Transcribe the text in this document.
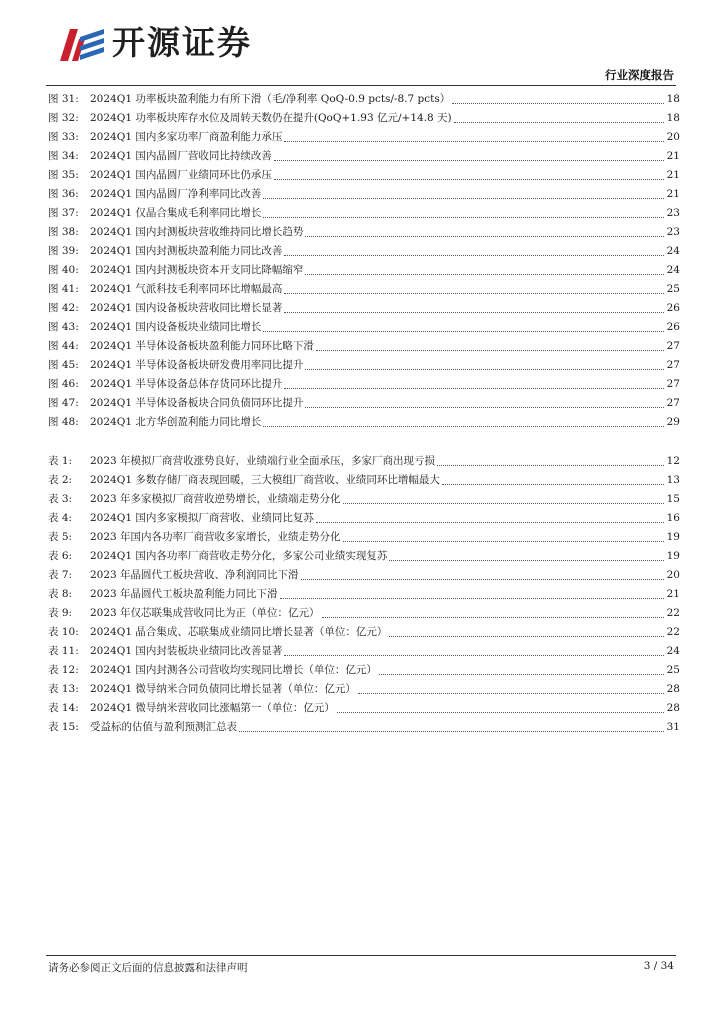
开源证券
行业深度报告
图 31:	2024Q1 功率板块盈利能力有所下滑（毛/净利率 QoQ-0.9 pcts/-8.7 pcts）	18
图 32:	2024Q1 功率板块库存水位及周转天数仍在提升(QoQ+1.93 亿元/+14.8 天)	18
图 33:	2024Q1 国内多家功率厂商盈利能力承压	20
图 34:	2024Q1 国内晶圆厂营收同比持续改善	21
图 35:	2024Q1 国内晶圆厂业绩同环比仍承压	21
图 36:	2024Q1 国内晶圆厂净利率同比改善	21
图 37:	2024Q1 仅晶合集成毛利率同比增长	23
图 38:	2024Q1 国内封测板块营收维持同比增长趋势	23
图 39:	2024Q1 国内封测板块盈利能力同比改善	24
图 40:	2024Q1 国内封测板块资本开支同比降幅缩窄	24
图 41:	2024Q1 气派科技毛利率同环比增幅最高	25
图 42:	2024Q1 国内设备板块营收同比增长显著	26
图 43:	2024Q1 国内设备板块业绩同比增长	26
图 44:	2024Q1 半导体设备板块盈利能力同环比略下滑	27
图 45:	2024Q1 半导体设备板块研发费用率同比提升	27
图 46:	2024Q1 半导体设备总体存货同环比提升	27
图 47:	2024Q1 半导体设备板块合同负债同环比提升	27
图 48:	2024Q1 北方华创盈利能力同比增长	29
表 1:	2023 年模拟厂商营收涨势良好，业绩端行业全面承压，多家厂商出现亏损	12
表 2:	2024Q1 多数存储厂商表现回暖，三大模组厂商营收、业绩同环比增幅最大	13
表 3:	2023 年多家模拟厂商营收逆势增长，业绩端走势分化	15
表 4:	2024Q1 国内多家模拟厂商营收、业绩同比复苏	16
表 5:	2023 年国内各功率厂商营收多家增长，业绩走势分化	19
表 6:	2024Q1 国内各功率厂商营收走势分化，多家公司业绩实现复苏	19
表 7:	2023 年晶圆代工板块营收、净利润同比下滑	20
表 8:	2023 年晶圆代工板块盈利能力同比下滑	21
表 9:	2023 年仅芯联集成营收同比为正（单位：亿元）	22
表 10:	2024Q1 晶合集成、芯联集成业绩同比增长显著（单位：亿元）	22
表 11:	2024Q1 国内封装板块业绩同比改善显著	24
表 12:	2024Q1 国内封测各公司营收均实现同比增长（单位：亿元）	25
表 13:	2024Q1 微导纳米合同负债同比增长显著（单位：亿元）	28
表 14:	2024Q1 微导纳米营收同比涨幅第一（单位：亿元）	28
表 15:	受益标的估值与盈利预测汇总表	31
请务必参阅正文后面的信息披露和法律声明	3 / 34
